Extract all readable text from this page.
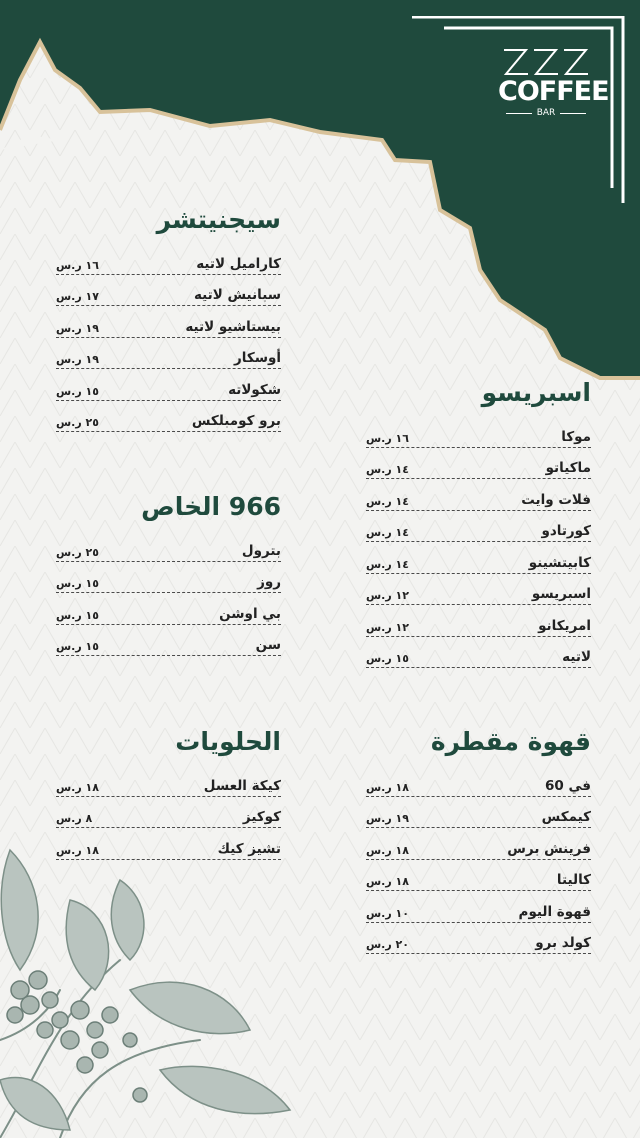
COFFEE
BAR
سيجنيتشر
كاراميل لاتيه
١٦ ر.س
سبانيش لاتيه
١٧ ر.س
بيستاشيو لاتيه
١٩ ر.س
أوسكار
١٩ ر.س
شكولاته
١٥ ر.س
برو كومبلكس
٢٥ ر.س
966 الخاص
بترول
٢٥ ر.س
روز
١٥ ر.س
بي اوشن
١٥ ر.س
سن
١٥ ر.س
الحلويات
كيكة العسل
١٨ ر.س
كوكيز
٨ ر.س
تشيز كيك
١٨ ر.س
اسبريسو
موكا
١٦ ر.س
ماكياتو
١٤ ر.س
فلات وايت
١٤ ر.س
كورتادو
١٤ ر.س
كابيتشينو
١٤ ر.س
اسبريسو
١٢ ر.س
امريكانو
١٢ ر.س
لاتيه
١٥ ر.س
قهوة مقطرة
في 60
١٨ ر.س
كيمكس
١٩ ر.س
فرينش برس
١٨ ر.س
كاليتا
١٨ ر.س
قهوة اليوم
١٠ ر.س
كولد برو
٢٠ ر.س
